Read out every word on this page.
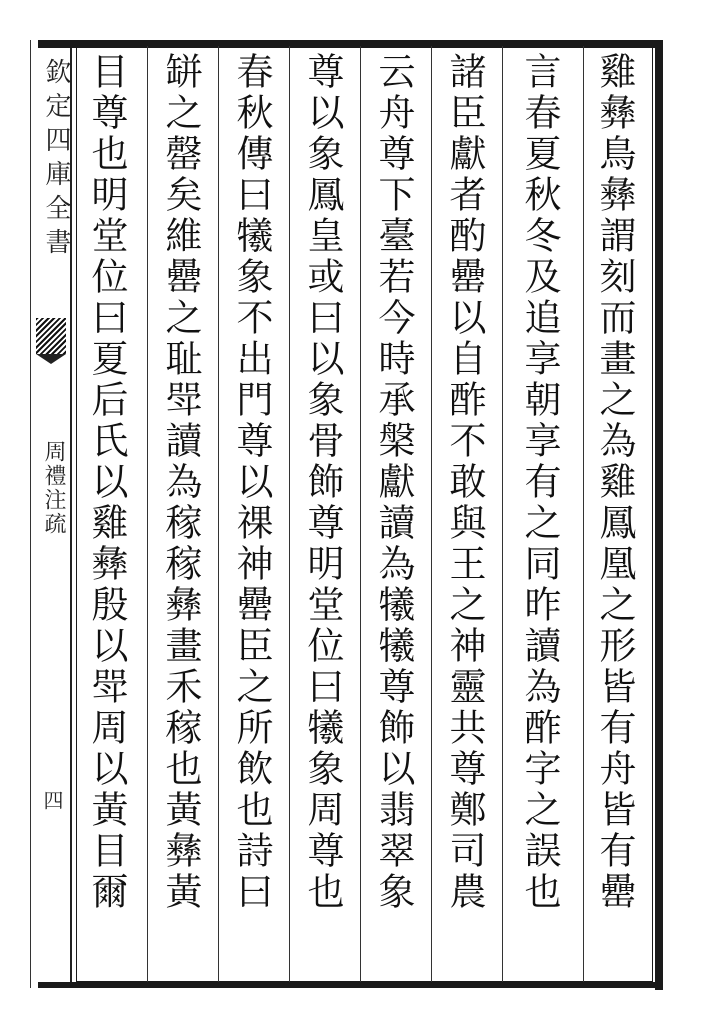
欽定四庫全書
周禮注疏
四	雞彝鳥彝謂刻而畫之為雞鳳凰之形皆有舟皆有罍
言春夏秋冬及追享朝享有之同昨讀為酢字之誤也
諸臣獻者酌罍以自酢不敢與王之神靈共尊鄭司農
云舟尊下臺若今時承槃獻讀為犧犧尊飾以翡翠象
尊以象鳳皇或曰以象骨飾尊明堂位曰犧象周尊也
春秋傳曰犧象不出門尊以祼神罍臣之所飲也詩曰
缾之罄矣維罍之耻斝讀為稼稼彝畫禾稼也黃彝黃
目尊也明堂位曰夏后氏以雞彝殷以斝周以黃目爾
